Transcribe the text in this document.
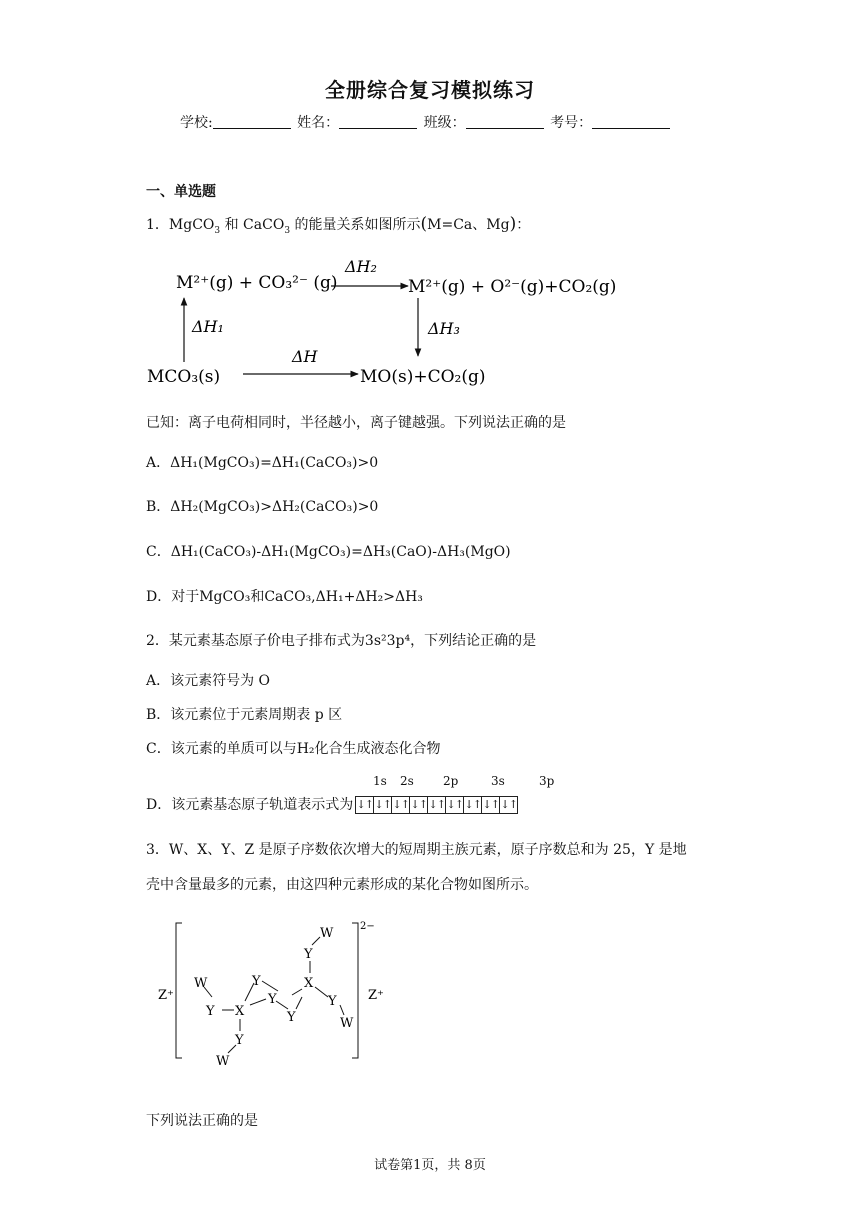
全册综合复习模拟练习
学校:	姓名：	班级：	考号：
一、单选题
1．MgCO$_3$ 和 CaCO$_3$ 的能量关系如图所示(M=Ca、Mg)：
M²⁺(g) + CO₃²⁻ (g)	M²⁺(g) + O²⁻(g)+CO₂(g)
MCO₃(s)	MO(s)+CO₂(g)
ΔH₂
ΔH₁	ΔH₃
ΔH
已知：离子电荷相同时，半径越小，离子键越强。下列说法正确的是
A．ΔH₁(MgCO₃)=ΔH₁(CaCO₃)>0
B．ΔH₂(MgCO₃)>ΔH₂(CaCO₃)>0
C．ΔH₁(CaCO₃)-ΔH₁(MgCO₃)=ΔH₃(CaO)-ΔH₃(MgO)
D．对于MgCO₃和CaCO₃,ΔH₁+ΔH₂>ΔH₃
2．某元素基态原子价电子排布式为3s²3p⁴，下列结论正确的是
A．该元素符号为 O
B．该元素位于元素周期表 p 区
C．该元素的单质可以与H₂化合生成液态化合物
1s 2s 2p	3s	3p
D．该元素基态原子轨道表示式为 ↓↑ ↓↑ ↓↑ ↓↑ ↓↑ ↓↑ ↓↑ ↓↑ ↓↑
3．W、X、Y、Z 是原子序数依次增大的短周期主族元素，原子序数总和为 25，Y 是地
壳中含量最多的元素，由这四种元素形成的某化合物如图所示。
Z⁺	Z⁺
2−
W
Y X
Y
Y
Y
Y
W
X
Y
W
Y
W
下列说法正确的是
试卷第1页，共 8页
